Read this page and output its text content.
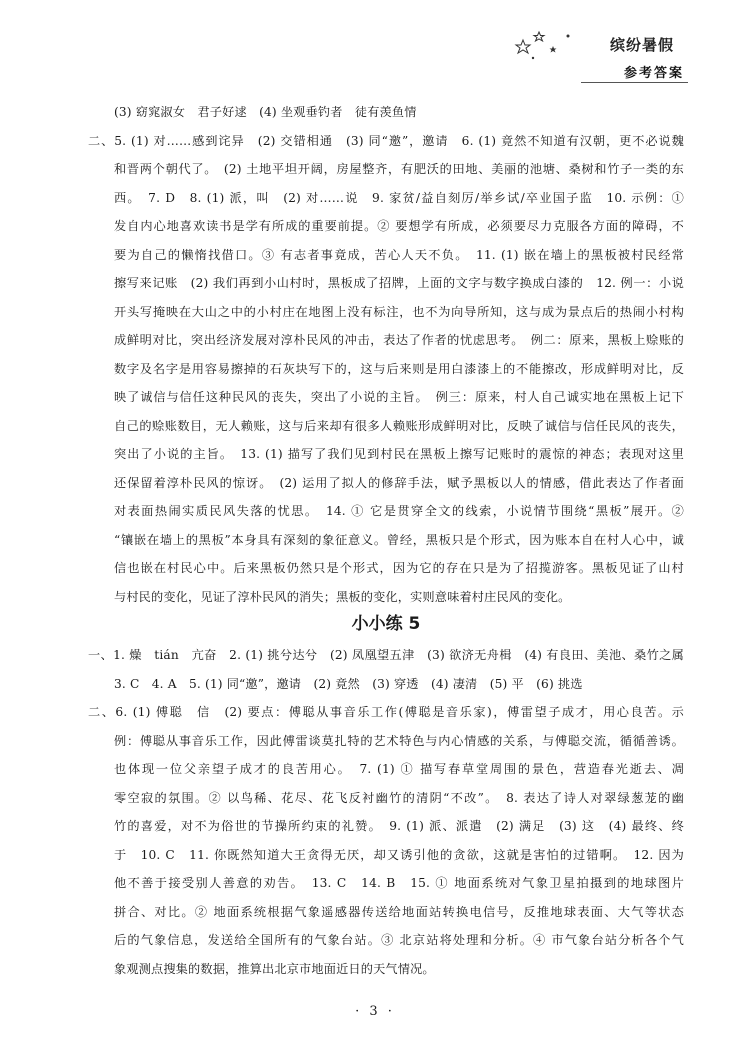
缤纷暑假
参考答案
(3) 窈窕淑女　君子好逑　(4) 坐观垂钓者　徒有羡鱼情
二、5. (1) 对……感到诧异　(2) 交错相通　(3) 同“邀”，邀请　6. (1) 竟然不知道有汉朝，更不必说魏
和晋两个朝代了。　(2) 土地平坦开阔，房屋整齐，有肥沃的田地、美丽的池塘、桑树和竹子一类的东
西。　7. D　8. (1) 派，叫　(2) 对……说　9. 家贫/益自刻厉/举乡试/卒业国子监　10. 示例：①
发自内心地喜欢读书是学有所成的重要前提。② 要想学有所成，必须要尽力克服各方面的障碍，不
要为自己的懒惰找借口。③ 有志者事竟成，苦心人天不负。　11. (1) 嵌在墙上的黑板被村民经常
擦写来记账　(2) 我们再到小山村时，黑板成了招牌，上面的文字与数字换成白漆的　12. 例一：小说
开头写掩映在大山之中的小村庄在地图上没有标注，也不为向导所知，这与成为景点后的热闹小村构
成鲜明对比，突出经济发展对淳朴民风的冲击，表达了作者的忧虑思考。　例二：原来，黑板上赊账的
数字及名字是用容易擦掉的石灰块写下的，这与后来则是用白漆漆上的不能擦改，形成鲜明对比，反
映了诚信与信任这种民风的丧失，突出了小说的主旨。　例三：原来，村人自己诚实地在黑板上记下
自己的赊账数目，无人赖账，这与后来却有很多人赖账形成鲜明对比，反映了诚信与信任民风的丧失，
突出了小说的主旨。　13. (1) 描写了我们见到村民在黑板上擦写记账时的震惊的神态；表现对这里
还保留着淳朴民风的惊讶。　(2) 运用了拟人的修辞手法，赋予黑板以人的情感，借此表达了作者面
对表面热闹实质民风失落的忧思。　14. ① 它是贯穿全文的线索，小说情节围绕“黑板”展开。②
“镶嵌在墙上的黑板”本身具有深刻的象征意义。曾经，黑板只是个形式，因为账本自在村人心中，诚
信也嵌在村民心中。后来黑板仍然只是个形式，因为它的存在只是为了招揽游客。黑板见证了山村
与村民的变化，见证了淳朴民风的消失；黑板的变化，实则意味着村庄民风的变化。
小小练 5
一、1. 燥　tián　亢奋　2. (1) 挑兮达兮　(2) 凤凰望五津　(3) 欲济无舟楫　(4) 有良田、美池、桑竹之属
3. C　4. A　5. (1) 同“邀”，邀请　(2) 竟然　(3) 穿透　(4) 凄清　(5) 平　(6) 挑选
二、6. (1) 傅聪　信　(2) 要点：傅聪从事音乐工作(傅聪是音乐家)，傅雷望子成才，用心良苦。示
例：傅聪从事音乐工作，因此傅雷谈莫扎特的艺术特色与内心情感的关系，与傅聪交流，循循善诱。
也体现一位父亲望子成才的良苦用心。　7. (1) ① 描写春草堂周围的景色，营造春光逝去、凋
零空寂的氛围。② 以鸟稀、花尽、花飞反衬幽竹的清阴“不改”。　8. 表达了诗人对翠绿葱茏的幽
竹的喜爱，对不为俗世的节操所约束的礼赞。　9. (1) 派、派遣　(2) 满足　(3) 这　(4) 最终、终
于　10. C　11. 你既然知道大王贪得无厌，却又诱引他的贪欲，这就是害怕的过错啊。　12. 因为
他不善于接受别人善意的劝告。　13. C　14. B　15. ① 地面系统对气象卫星拍摄到的地球图片
拼合、对比。② 地面系统根据气象遥感器传送给地面站转换电信号，反推地球表面、大气等状态
后的气象信息，发送给全国所有的气象台站。③ 北京站将处理和分析。④ 市气象台站分析各个气
象观测点搜集的数据，推算出北京市地面近日的天气情况。
· 3 ·
